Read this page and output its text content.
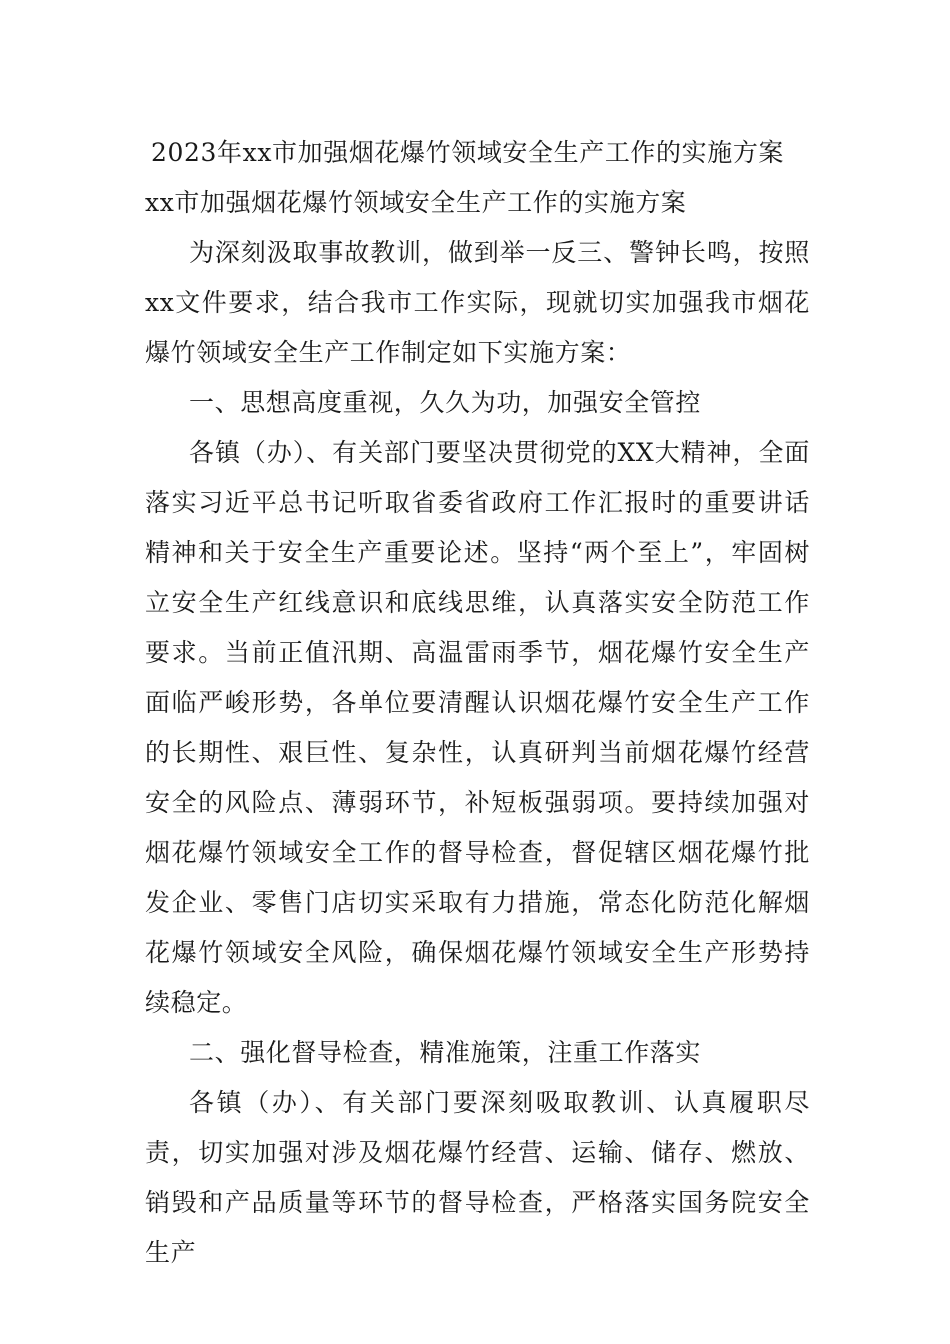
2023年xx市加强烟花爆竹领域安全生产工作的实施方案
xx市加强烟花爆竹领域安全生产工作的实施方案

为深刻汲取事故教训，做到举一反三、警钟长鸣，按照xx文件要求，结合我市工作实际，现就切实加强我市烟花爆竹领域安全生产工作制定如下实施方案：

一、思想高度重视，久久为功，加强安全管控

各镇（办）、有关部门要坚决贯彻党的XX大精神，全面落实习近平总书记听取省委省政府工作汇报时的重要讲话精神和关于安全生产重要论述。坚持“两个至上”，牢固树立安全生产红线意识和底线思维，认真落实安全防范工作要求。当前正值汛期、高温雷雨季节，烟花爆竹安全生产面临严峻形势，各单位要清醒认识烟花爆竹安全生产工作的长期性、艰巨性、复杂性，认真研判当前烟花爆竹经营安全的风险点、薄弱环节，补短板强弱项。要持续加强对烟花爆竹领域安全工作的督导检查，督促辖区烟花爆竹批发企业、零售门店切实采取有力措施，常态化防范化解烟花爆竹领域安全风险，确保烟花爆竹领域安全生产形势持续稳定。

二、强化督导检查，精准施策，注重工作落实

各镇（办）、有关部门要深刻吸取教训、认真履职尽责，切实加强对涉及烟花爆竹经营、运输、储存、燃放、销毁和产品质量等环节的督导检查，严格落实国务院安全生产
